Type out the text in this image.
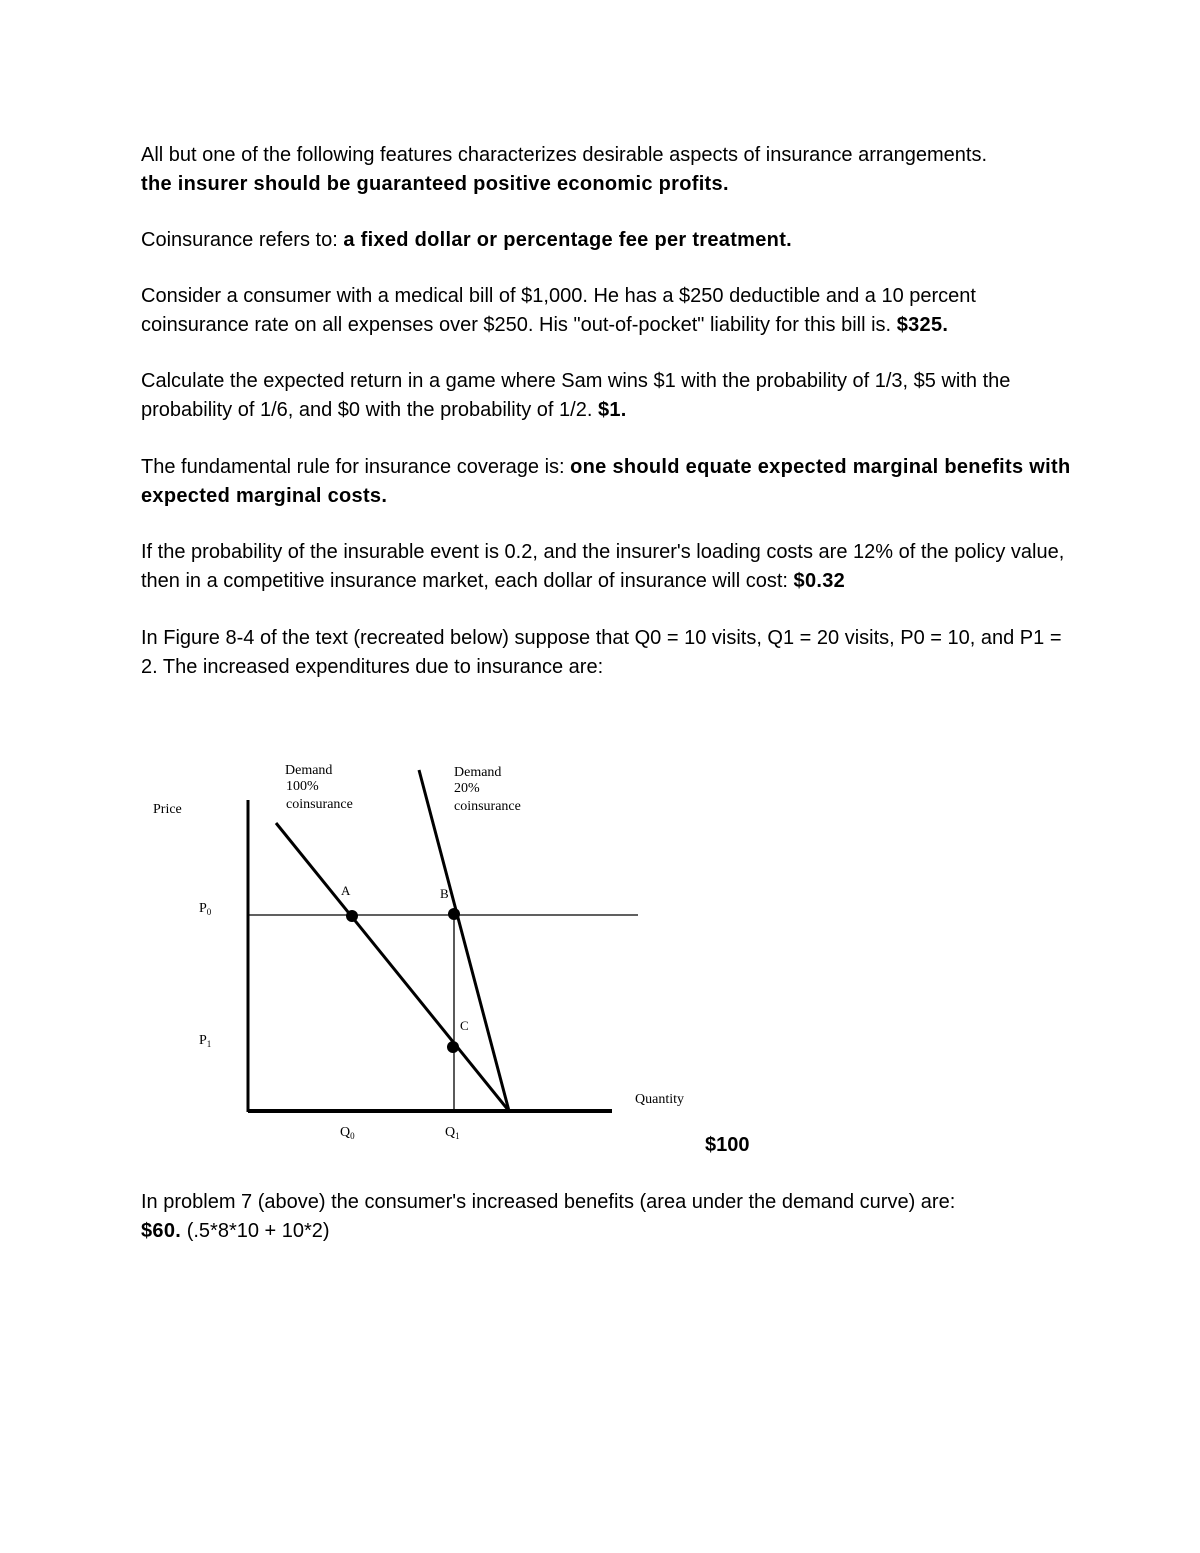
All but one of the following features characterizes desirable aspects of insurance arrangements.
the insurer should be guaranteed positive economic profits.

Coinsurance refers to: a fixed dollar or percentage fee per treatment.

Consider a consumer with a medical bill of $1,000. He has a $250 deductible and a 10 percent coinsurance rate on all expenses over $250. His "out-of-pocket" liability for this bill is. $325.

Calculate the expected return in a game where Sam wins $1 with the probability of 1/3, $5 with the probability of 1/6, and $0 with the probability of 1/2. $1.

The fundamental rule for insurance coverage is: one should equate expected marginal benefits with expected marginal costs.

If the probability of the insurable event is 0.2, and the insurer's loading costs are 12% of the policy value, then in a competitive insurance market, each dollar of insurance will cost: $0.32

In Figure 8-4 of the text (recreated below) suppose that Q0 = 10 visits, Q1 = 20 visits, P0 = 10, and P1 = 2. The increased expenditures due to insurance are:

Price
Quantity
Demand
100%
coinsurance
Demand
20%
coinsurance
A	B
C
$P_0$
$P_1$
$Q_0$	$Q_1$	$100

In problem 7 (above) the consumer's increased benefits (area under the demand curve) are:
$60. (.5*8*10 + 10*2)
